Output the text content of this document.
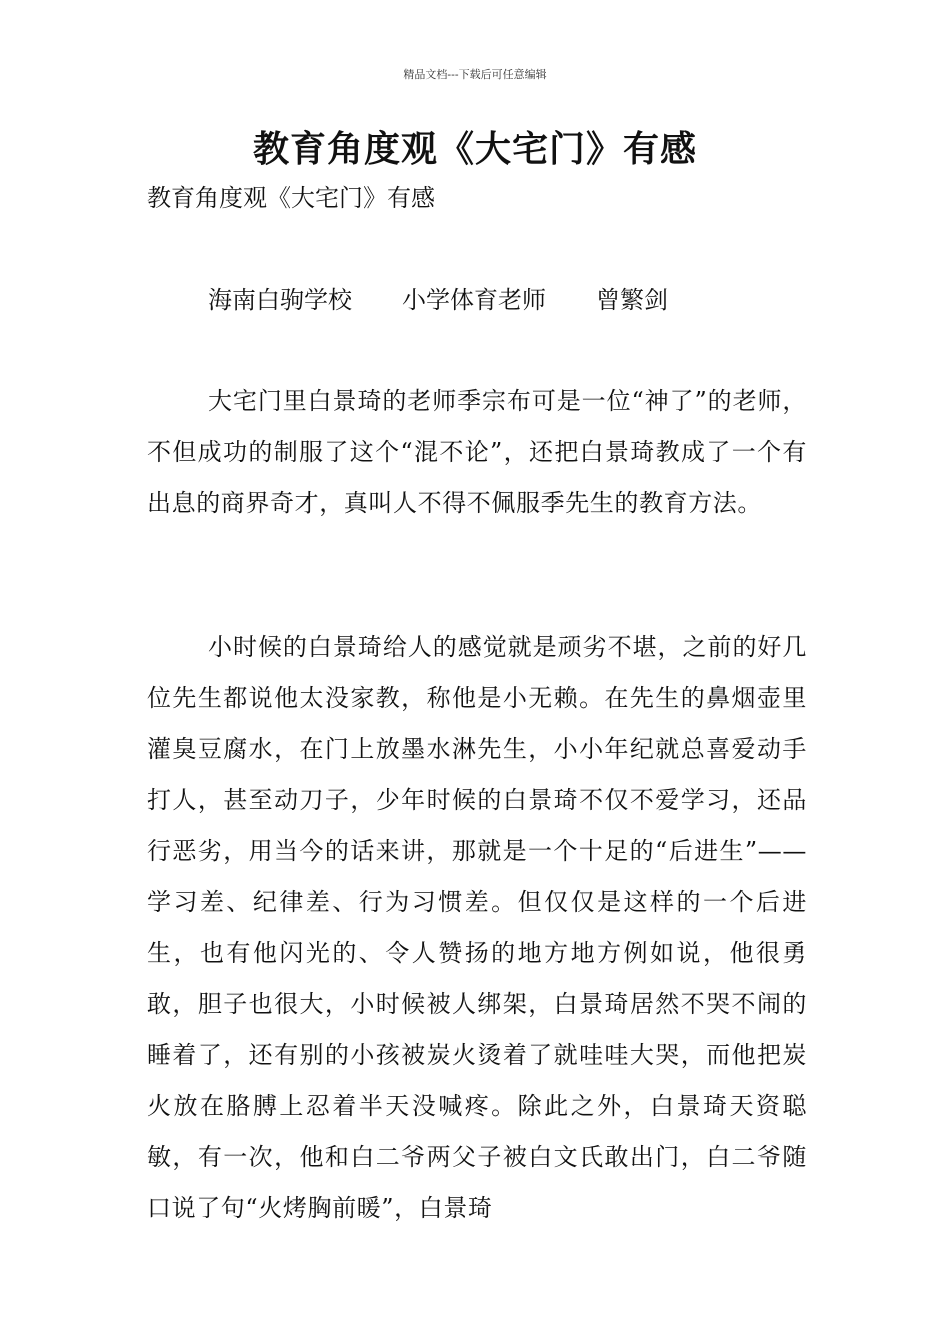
精品文档---下载后可任意编辑
教育角度观《大宅门》有感
教育角度观《大宅门》有感
海南白驹学校 小学体育老师 曾繁剑

大宅门里白景琦的老师季宗布可是一位“神了”的老师，不但成功的制服了这个“混不论”，还把白景琦教成了一个有出息的商界奇才，真叫人不得不佩服季先生的教育方法。

小时候的白景琦给人的感觉就是顽劣不堪，之前的好几位先生都说他太没家教，称他是小无赖。在先生的鼻烟壶里灌臭豆腐水，在门上放墨水淋先生，小小年纪就总喜爱动手打人，甚至动刀子，少年时候的白景琦不仅不爱学习，还品行恶劣，用当今的话来讲，那就是一个十足的“后进生”——学习差、纪律差、行为习惯差。但仅仅是这样的一个后进生，也有他闪光的、令人赞扬的地方地方例如说，他很勇敢，胆子也很大，小时候被人绑架，白景琦居然不哭不闹的睡着了，还有别的小孩被炭火烫着了就哇哇大哭，而他把炭火放在胳膊上忍着半天没喊疼。除此之外，白景琦天资聪敏，有一次，他和白二爷两父子被白文氏敢出门，白二爷随口说了句“火烤胸前暖”，白景琦
